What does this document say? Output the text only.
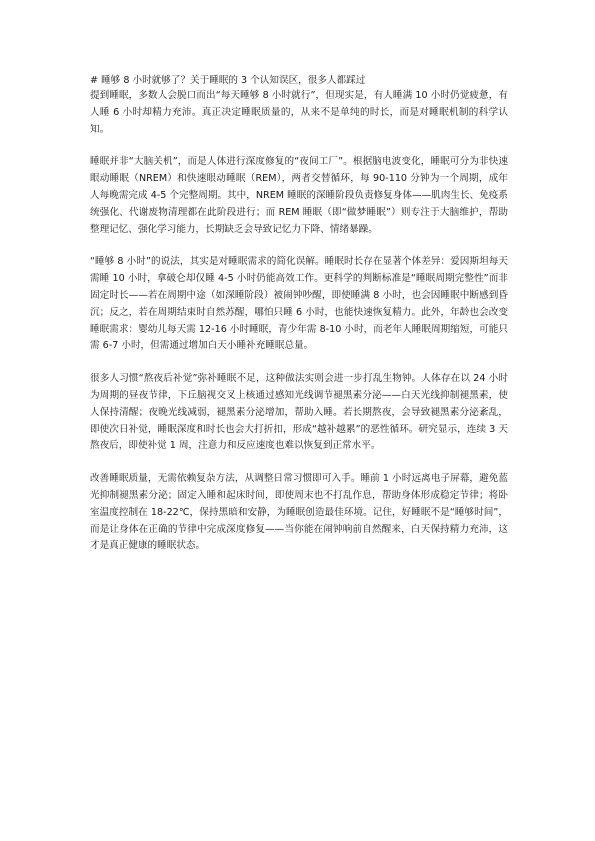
# 睡够 8 小时就够了？关于睡眠的 3 个认知误区，很多人都踩过

提到睡眠，多数人会脱口而出“每天睡够 8 小时就行”，但现实是，有人睡满 10 小时仍觉疲惫，有人睡 6 小时却精力充沛。真正决定睡眠质量的，从来不是单纯的时长，而是对睡眠机制的科学认知。

睡眠并非“大脑关机”，而是人体进行深度修复的“夜间工厂”。根据脑电波变化，睡眠可分为非快速眼动睡眠（NREM）和快速眼动睡眠（REM），两者交替循环，每 90-110 分钟为一个周期，成年人每晚需完成 4-5 个完整周期。其中，NREM 睡眠的深睡阶段负责修复身体——肌肉生长、免疫系统强化、代谢废物清理都在此阶段进行；而 REM 睡眠（即“做梦睡眠”）则专注于大脑维护，帮助整理记忆、强化学习能力，长期缺乏会导致记忆力下降、情绪暴躁。

“睡够 8 小时”的说法，其实是对睡眠需求的简化误解。睡眠时长存在显著个体差异：爱因斯坦每天需睡 10 小时，拿破仑却仅睡 4-5 小时仍能高效工作。更科学的判断标准是“睡眠周期完整性”而非固定时长——若在周期中途（如深睡阶段）被闹钟吵醒，即使睡满 8 小时，也会因睡眠中断感到昏沉；反之，若在周期结束时自然苏醒，哪怕只睡 6 小时，也能快速恢复精力。此外，年龄也会改变睡眠需求：婴幼儿每天需 12-16 小时睡眠，青少年需 8-10 小时，而老年人睡眠周期缩短，可能只需 6-7 小时，但需通过增加白天小睡补充睡眠总量。

很多人习惯“熬夜后补觉”弥补睡眠不足，这种做法实则会进一步打乱生物钟。人体存在以 24 小时为周期的昼夜节律，下丘脑视交叉上核通过感知光线调节褪黑素分泌——白天光线抑制褪黑素，使人保持清醒；夜晚光线减弱，褪黑素分泌增加，帮助入睡。若长期熬夜，会导致褪黑素分泌紊乱，即使次日补觉，睡眠深度和时长也会大打折扣，形成“越补越累”的恶性循环。研究显示，连续 3 天熬夜后，即使补觉 1 周，注意力和反应速度也难以恢复到正常水平。

改善睡眠质量，无需依赖复杂方法，从调整日常习惯即可入手。睡前 1 小时远离电子屏幕，避免蓝光抑制褪黑素分泌；固定入睡和起床时间，即使周末也不打乱作息，帮助身体形成稳定节律；将卧室温度控制在 18-22℃，保持黑暗和安静，为睡眠创造最佳环境。记住，好睡眠不是“睡够时间”，而是让身体在正确的节律中完成深度修复——当你能在闹钟响前自然醒来，白天保持精力充沛，这才是真正健康的睡眠状态。
